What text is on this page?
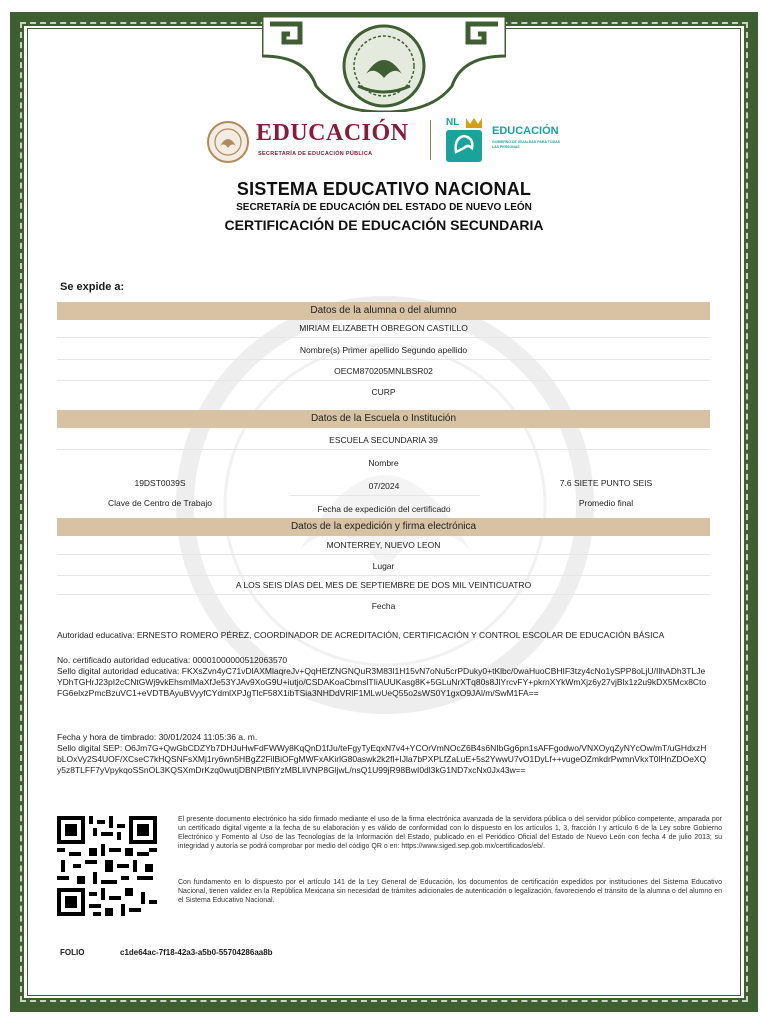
EDUCACIÓN
SECRETARÍA DE EDUCACIÓN PÚBLICA
NL
EDUCACIÓN
GOBIERNO DE IGUALDAD PARA TODAS LAS PERSONAS
SISTEMA EDUCATIVO NACIONAL
SECRETARÍA DE EDUCACIÓN DEL ESTADO DE NUEVO LEÓN
CERTIFICACIÓN DE EDUCACIÓN SECUNDARIA
Se expide a:
Datos de la alumna o del alumno
MIRIAM ELIZABETH OBREGON CASTILLO
Nombre(s) Primer apellido Segundo apellido
OECM870205MNLBSR02
CURP
Datos de la Escuela o Institución
ESCUELA SECUNDARIA 39
Nombre
19DST0039S
Clave de Centro de Trabajo
07/2024
Fecha de expedición del certificado
7.6 SIETE PUNTO SEIS
Promedio final
Datos de la expedición y firma electrónica
MONTERREY, NUEVO LEON
Lugar
A LOS SEIS DÍAS DEL MES DE SEPTIEMBRE DE DOS MIL VEINTICUATRO
Fecha
Autoridad educativa: ERNESTO ROMERO PÉREZ, COORDINADOR DE ACREDITACIÓN, CERTIFICACIÓN Y CONTROL ESCOLAR DE EDUCACIÓN BÁSICA
No. certificado autoridad educativa: 00001000000512063570
Sello digital autoridad educativa: FKXsZvn4yC71vDlAXMlaqreJv+QqHEfZNGNQuR3M83l1H15vN7oNu5crPDuky0+tKlbc/0waHuoCBHIF3tzy4cNo1ySPP8oLjU/IlhADh3TLJeYDhTGHrJ23pI2cCNtGWj9vkEhsmlMaXfJe53YJAv9XoG9U+iutjo/CSDAKoaCbmslTIiAUUKasg8K+5GLuNrXTq80s8JlYrcvFY+pkrnXYkWmXjz6y27vjBlx1z2u9kDX5Mcx8CtoFG6elxzPmcBzuVC1+eVDTBAyuBVyyfCYdmlXPJgTlcF58X1ibTSia3NHDdVRlF1MLwUeQ55o2sWS0Y1gxO9JAl/m/SwM1FA==
Fecha y hora de timbrado: 30/01/2024 11:05:36 a. m.
Sello digital SEP: O6Jm7G+QwGbCDZYb7DHJuHwFdFWWy8KqQnD1fJu/teFgyTyEqxN7v4+YCOrVmNOcZ6B4s6NIbGg6pn1sAFFgodwo/VNXOyqZyNYcOw/mT/uGHdxzHbLOxVy2S4UOF/XCseC7kHQSNFsXMj1ry6wn5HBgZ2FilBiOFgMWFxAKirlG80aswk2k2fl+IJla7bPXPLfZaLuE+5s2YwwU7vO1DyLf++vugeOZmkdrPwmnVkxT0lHnZDOeXQy5z8TLFF7yVpykqoSSnOL3KQSXmDrKzq0wutjDBNPtBfiYzMBLliVNP8GljwL/nsQ1U99jR98BwI0dl3kG1ND7xcNx0Jx43w==
El presente documento electrónico ha sido firmado mediante el uso de la firma electrónica avanzada de la servidora pública o del servidor público competente, amparada por un certificado digital vigente a la fecha de su elaboración y es válido de conformidad con lo dispuesto en los artículos 1, 3, fracción I y artículo 6 de la Ley sobre Gobierno Electrónico y Fomento al Uso de las Tecnologías de la Información del Estado, publicado en el Periódico Oficial del Estado de Nuevo León con fecha 4 de julio 2013; su integridad y autoría se podrá comprobar por medio del código QR o en: https://www.siged.sep.gob.mx/certificados/eb/.
Con fundamento en lo dispuesto por el artículo 141 de la Ley General de Educación, los documentos de certificación expedidos por instituciones del Sistema Educativo Nacional, tienen validez en la República Mexicana sin necesidad de trámites adicionales de autenticación o legalización, favoreciendo el tránsito de la alumna o del alumno en el Sistema Educativo Nacional.
FOLIO	c1de64ac-7f18-42a3-a5b0-55704286aa8b
